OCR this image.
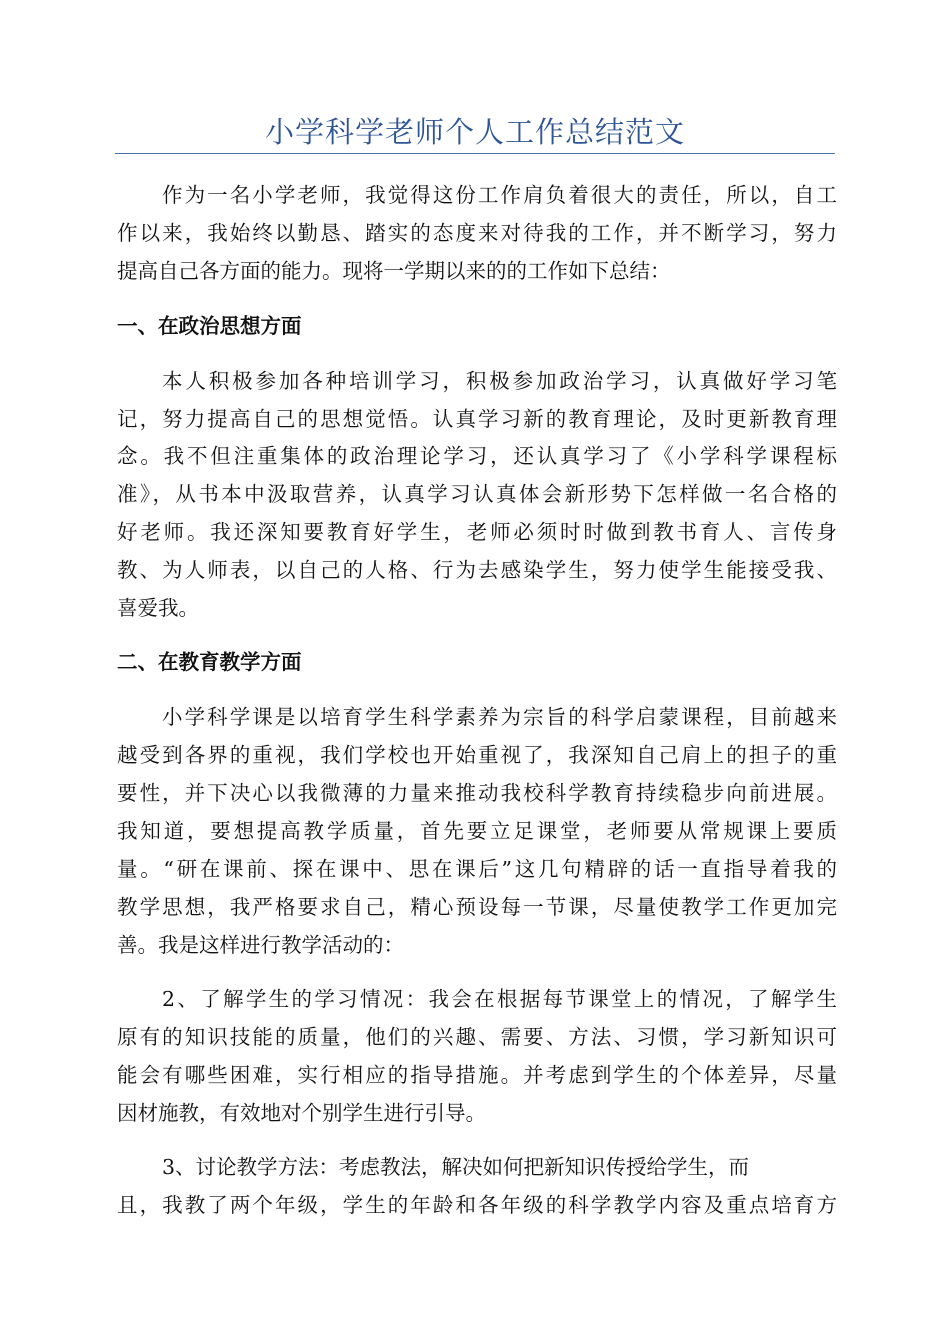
小学科学老师个人工作总结范文
作为一名小学老师，我觉得这份工作肩负着很大的责任，所以，自工
作以来，我始终以勤恳、踏实的态度来对待我的工作，并不断学习，努力
提高自己各方面的能力。现将一学期以来的的工作如下总结：
一、在政治思想方面
本人积极参加各种培训学习，积极参加政治学习，认真做好学习笔
记，努力提高自己的思想觉悟。认真学习新的教育理论，及时更新教育理
念。我不但注重集体的政治理论学习，还认真学习了《小学科学课程标
准》，从书本中汲取营养，认真学习认真体会新形势下怎样做一名合格的
好老师。我还深知要教育好学生，老师必须时时做到教书育人、言传身
教、为人师表，以自己的人格、行为去感染学生，努力使学生能接受我、
喜爱我。
二、在教育教学方面
小学科学课是以培育学生科学素养为宗旨的科学启蒙课程，目前越来
越受到各界的重视，我们学校也开始重视了，我深知自己肩上的担子的重
要性，并下决心以我微薄的力量来推动我校科学教育持续稳步向前进展。
我知道，要想提高教学质量，首先要立足课堂，老师要从常规课上要质
量。“研在课前、探在课中、思在课后”这几句精辟的话一直指导着我的
教学思想，我严格要求自己，精心预设每一节课，尽量使教学工作更加完
善。我是这样进行教学活动的：
2、了解学生的学习情况：我会在根据每节课堂上的情况，了解学生
原有的知识技能的质量，他们的兴趣、需要、方法、习惯，学习新知识可
能会有哪些困难，实行相应的指导措施。并考虑到学生的个体差异，尽量
因材施教，有效地对个别学生进行引导。
3、讨论教学方法：考虑教法，解决如何把新知识传授给学生，而
且，我教了两个年级，学生的年龄和各年级的科学教学内容及重点培育方
